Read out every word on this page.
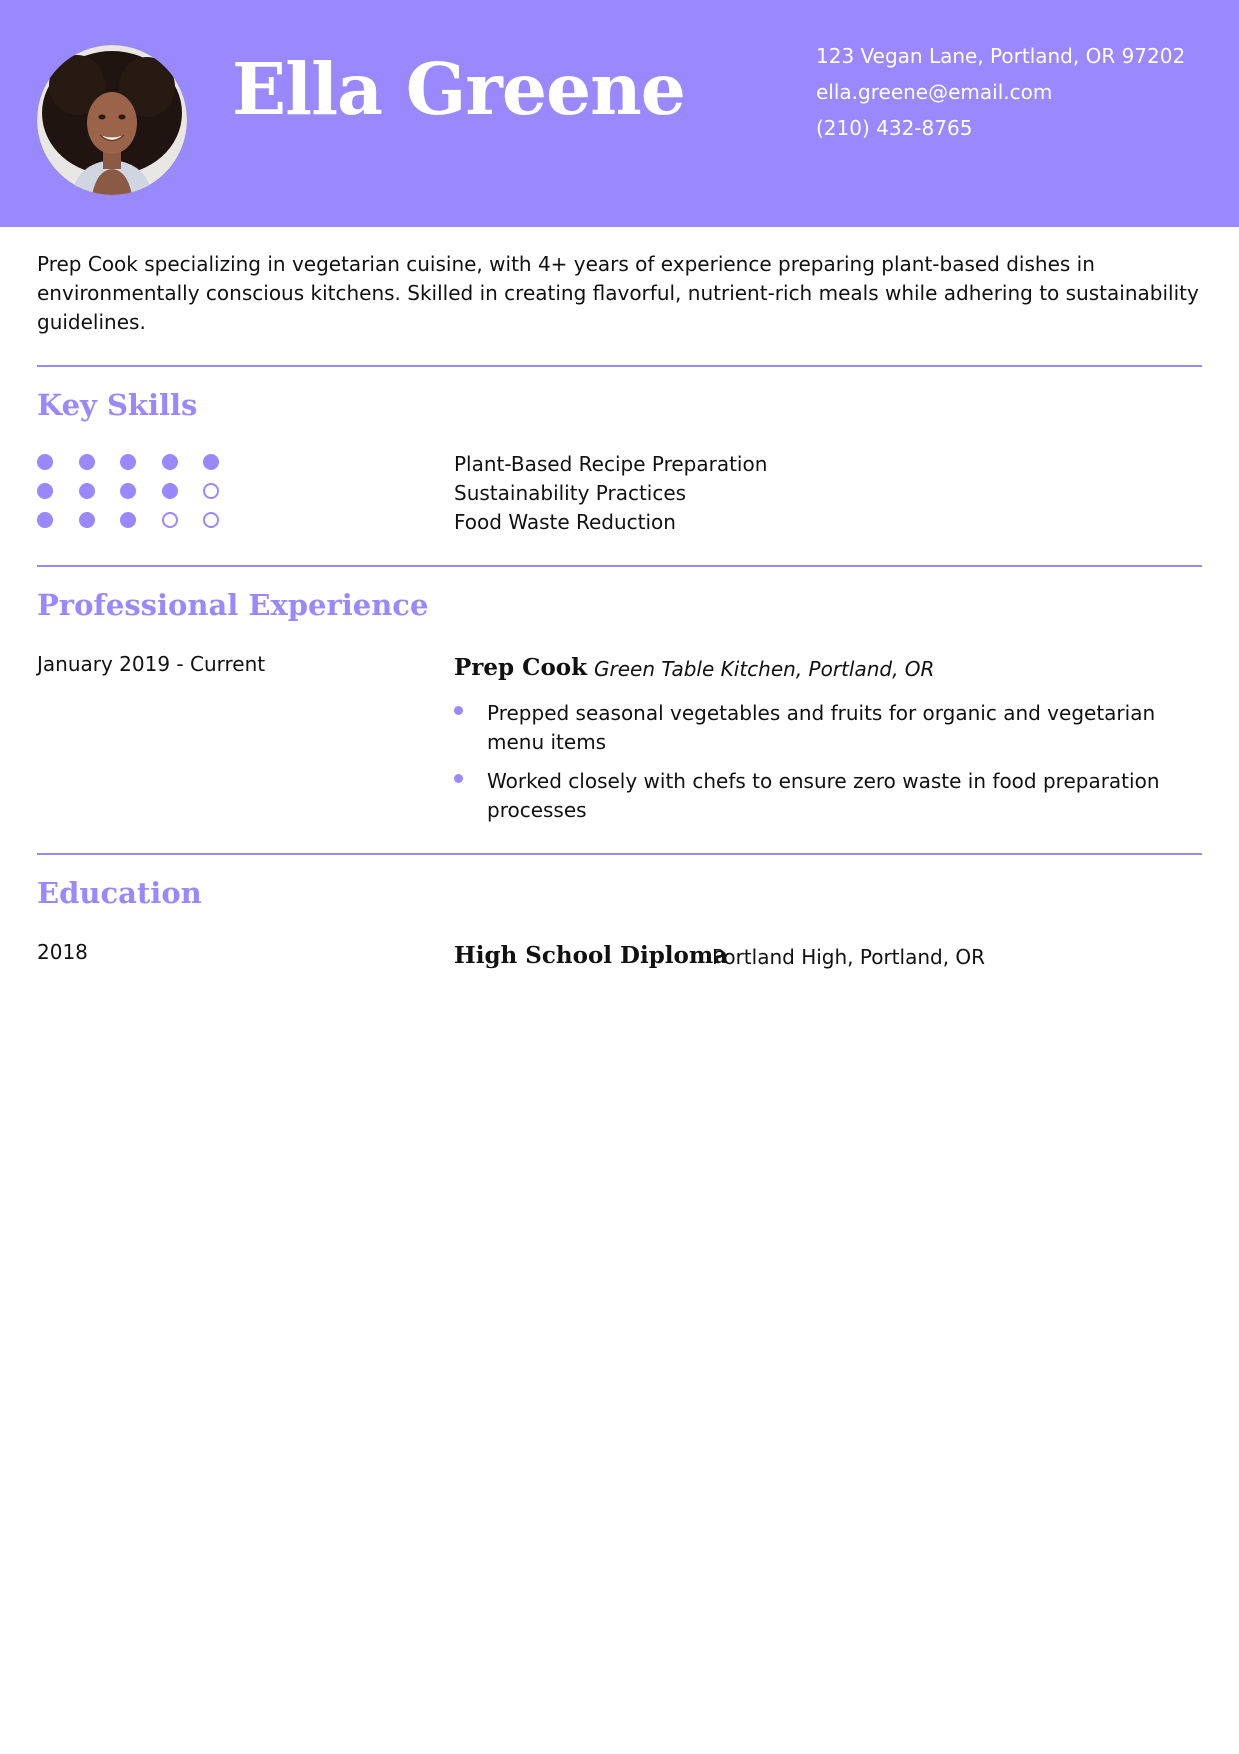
Ella Greene	123 Vegan Lane, Portland, OR 97202
ella.greene@email.com
(210) 432-8765

Prep Cook specializing in vegetarian cuisine, with 4+ years of experience preparing plant-based dishes in environmentally conscious kitchens. Skilled in creating flavorful, nutrient-rich meals while adhering to sustainability guidelines.

Key Skills
Plant-Based Recipe Preparation
Sustainability Practices
Food Waste Reduction
Professional Experience
January 2019 - Current	Prep Cook Green Table Kitchen, Portland, OR
Prepped seasonal vegetables and fruits for organic and vegetarian menu items
Worked closely with chefs to ensure zero waste in food preparation processes
Education
2018	High School Diploma
Portland High, Portland, OR
